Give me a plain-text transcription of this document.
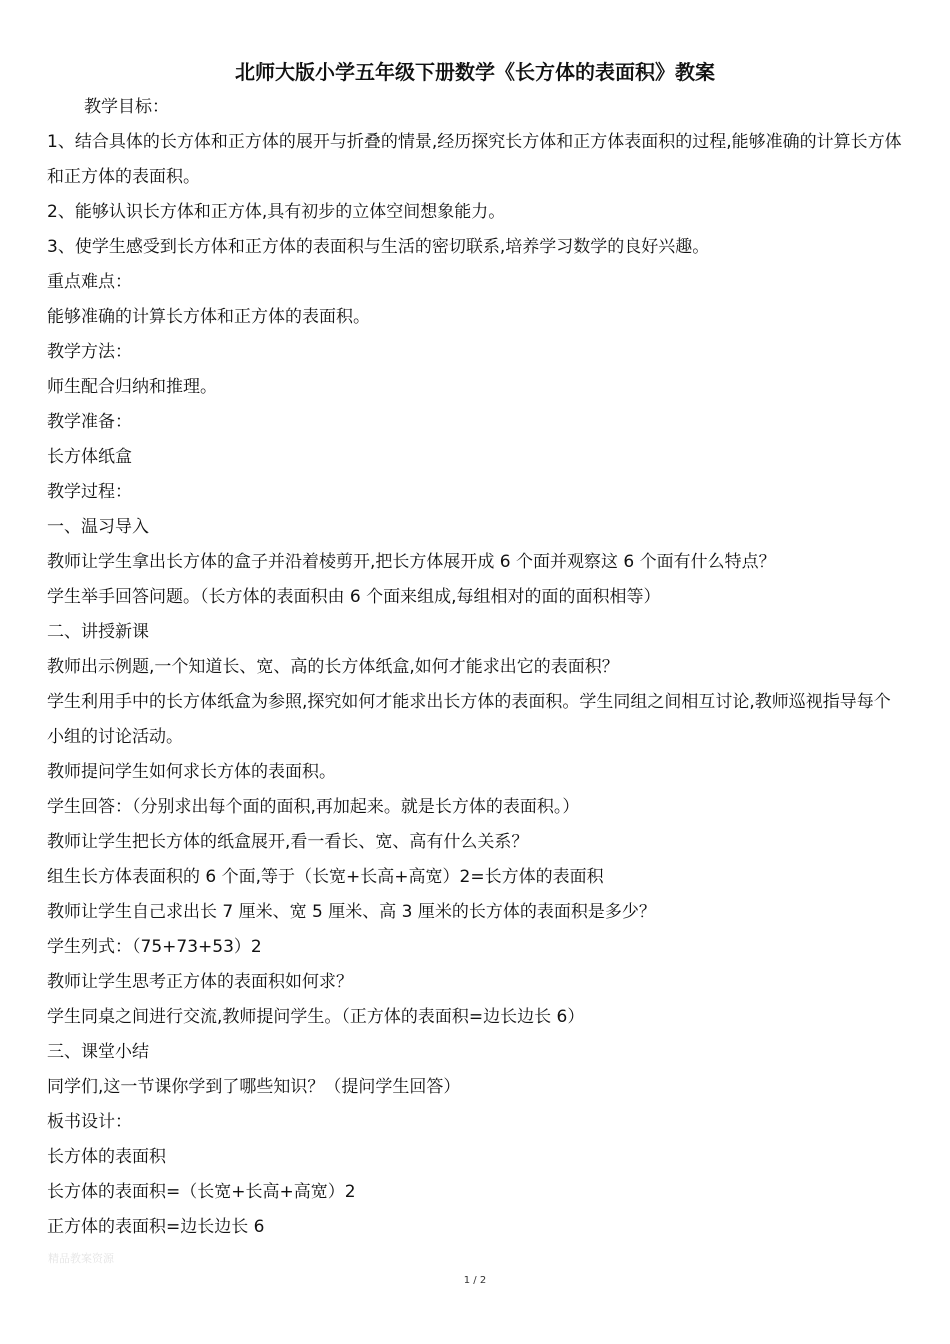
北师大版小学五年级下册数学《长方体的表面积》教案

教学目标：

1、结合具体的长方体和正方体的展开与折叠的情景,经历探究长方体和正方体表面积的过程,能够准确的计算长方体和正方体的表面积。

2、能够认识长方体和正方体,具有初步的立体空间想象能力。

3、使学生感受到长方体和正方体的表面积与生活的密切联系,培养学习数学的良好兴趣。

重点难点：

能够准确的计算长方体和正方体的表面积。

教学方法：

师生配合归纳和推理。

教学准备：

长方体纸盒

教学过程：

一、温习导入

教师让学生拿出长方体的盒子并沿着棱剪开,把长方体展开成 6 个面并观察这 6 个面有什么特点？

学生举手回答问题。（长方体的表面积由 6 个面来组成,每组相对的面的面积相等）

二、讲授新课

教师出示例题,一个知道长、宽、高的长方体纸盒,如何才能求出它的表面积？

学生利用手中的长方体纸盒为参照,探究如何才能求出长方体的表面积。学生同组之间相互讨论,教师巡视指导每个小组的讨论活动。

教师提问学生如何求长方体的表面积。

学生回答：（分别求出每个面的面积,再加起来。就是长方体的表面积。）

教师让学生把长方体的纸盒展开,看一看长、宽、高有什么关系？

组生长方体表面积的 6 个面,等于（长宽+长高+高宽）2=长方体的表面积

教师让学生自己求出长 7 厘米、宽 5 厘米、高 3 厘米的长方体的表面积是多少？

学生列式：（75+73+53）2

教师让学生思考正方体的表面积如何求？

学生同桌之间进行交流,教师提问学生。（正方体的表面积=边长边长 6）

三、课堂小结

同学们,这一节课你学到了哪些知识？（提问学生回答）

板书设计：

长方体的表面积

长方体的表面积=（长宽+长高+高宽）2

正方体的表面积=边长边长 6

精品教案资源
1 / 2
